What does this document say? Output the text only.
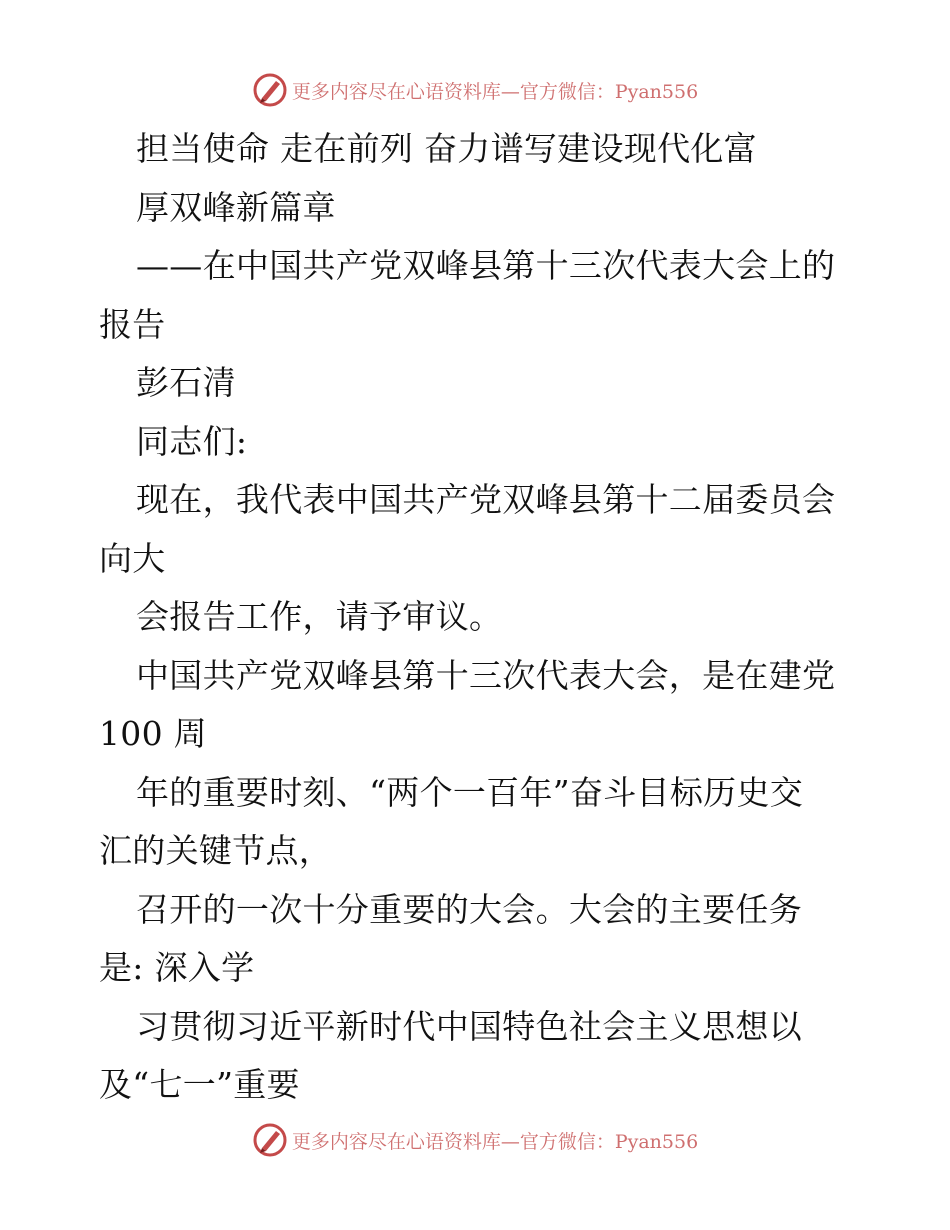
更多内容尽在心语资料库—官方微信：Pyan556
担当使命 走在前列 奋力谱写建设现代化富
厚双峰新篇章
——在中国共产党双峰县第十三次代表大会上的
报告
彭石清
同志们:
现在，我代表中国共产党双峰县第十二届委员会
向大
会报告工作，请予审议。
中国共产党双峰县第十三次代表大会，是在建党
100 周
年的重要时刻、“两个一百年”奋斗目标历史交
汇的关键节点，
召开的一次十分重要的大会。大会的主要任务
是: 深入学
习贯彻习近平新时代中国特色社会主义思想以
及“七一”重要
更多内容尽在心语资料库—官方微信：Pyan556
